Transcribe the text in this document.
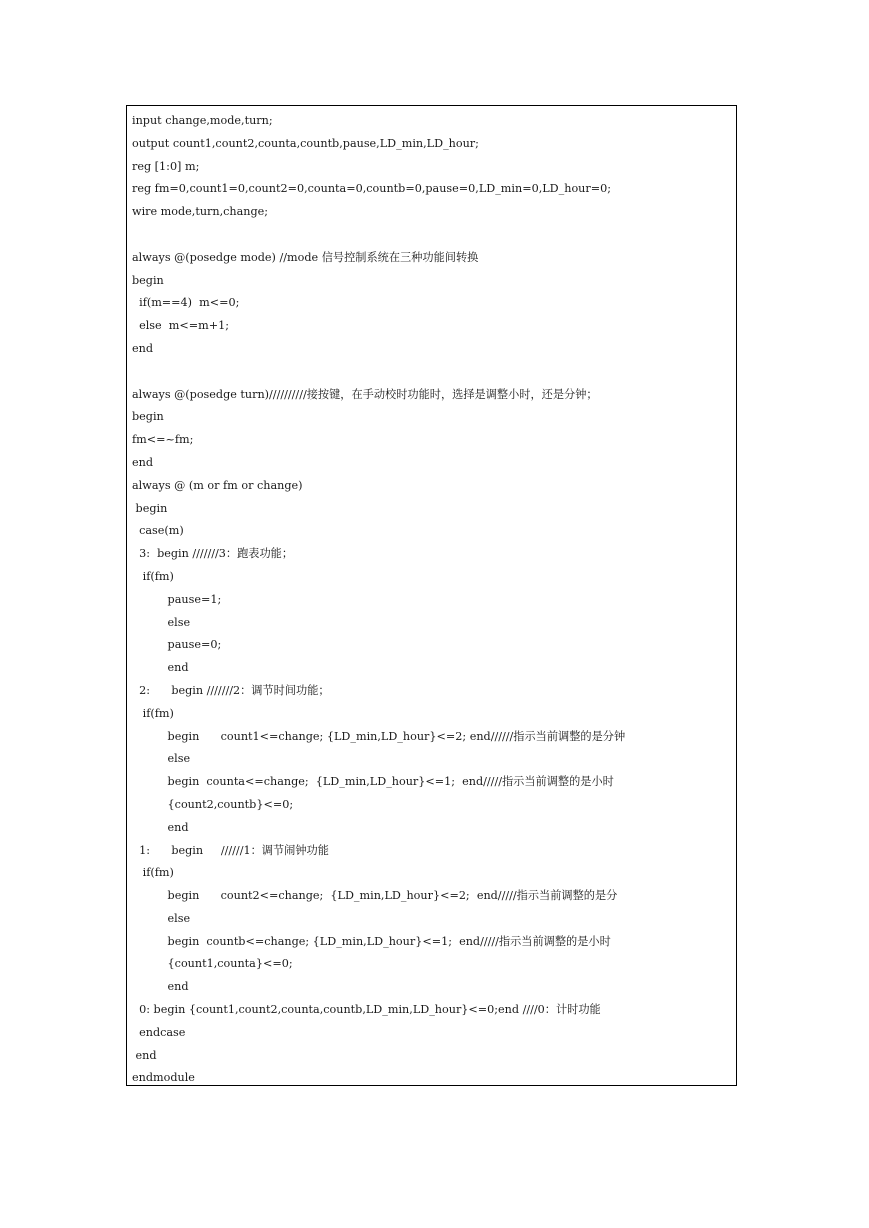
input change,mode,turn;
output count1,count2,counta,countb,pause,LD_min,LD_hour;
reg [1:0] m;
reg fm=0,count1=0,count2=0,counta=0,countb=0,pause=0,LD_min=0,LD_hour=0;
wire mode,turn,change;
always @(posedge mode) //mode 信号控制系统在三种功能间转换
begin
if(m==4)  m<=0;
else  m<=m+1;
end
always @(posedge turn)//////////接按键，在手动校时功能时，选择是调整小时，还是分钟；
begin
fm<=~fm;
end
always @ (m or fm or change)
begin
case(m)
3:  begin ///////3：跑表功能；
if(fm)
pause=1;
else
pause=0;
end
2:      begin ///////2：调节时间功能；
if(fm)
begin      count1<=change; {LD_min,LD_hour}<=2; end//////指示当前调整的是分钟
else
begin  counta<=change;  {LD_min,LD_hour}<=1;  end/////指示当前调整的是小时
{count2,countb}<=0;
end
1:      begin     //////1：调节闹钟功能
if(fm)
begin      count2<=change;  {LD_min,LD_hour}<=2;  end/////指示当前调整的是分
else
begin  countb<=change; {LD_min,LD_hour}<=1;  end/////指示当前调整的是小时
{count1,counta}<=0;
end
0: begin {count1,count2,counta,countb,LD_min,LD_hour}<=0;end ////0：计时功能
endcase
end
endmodule
